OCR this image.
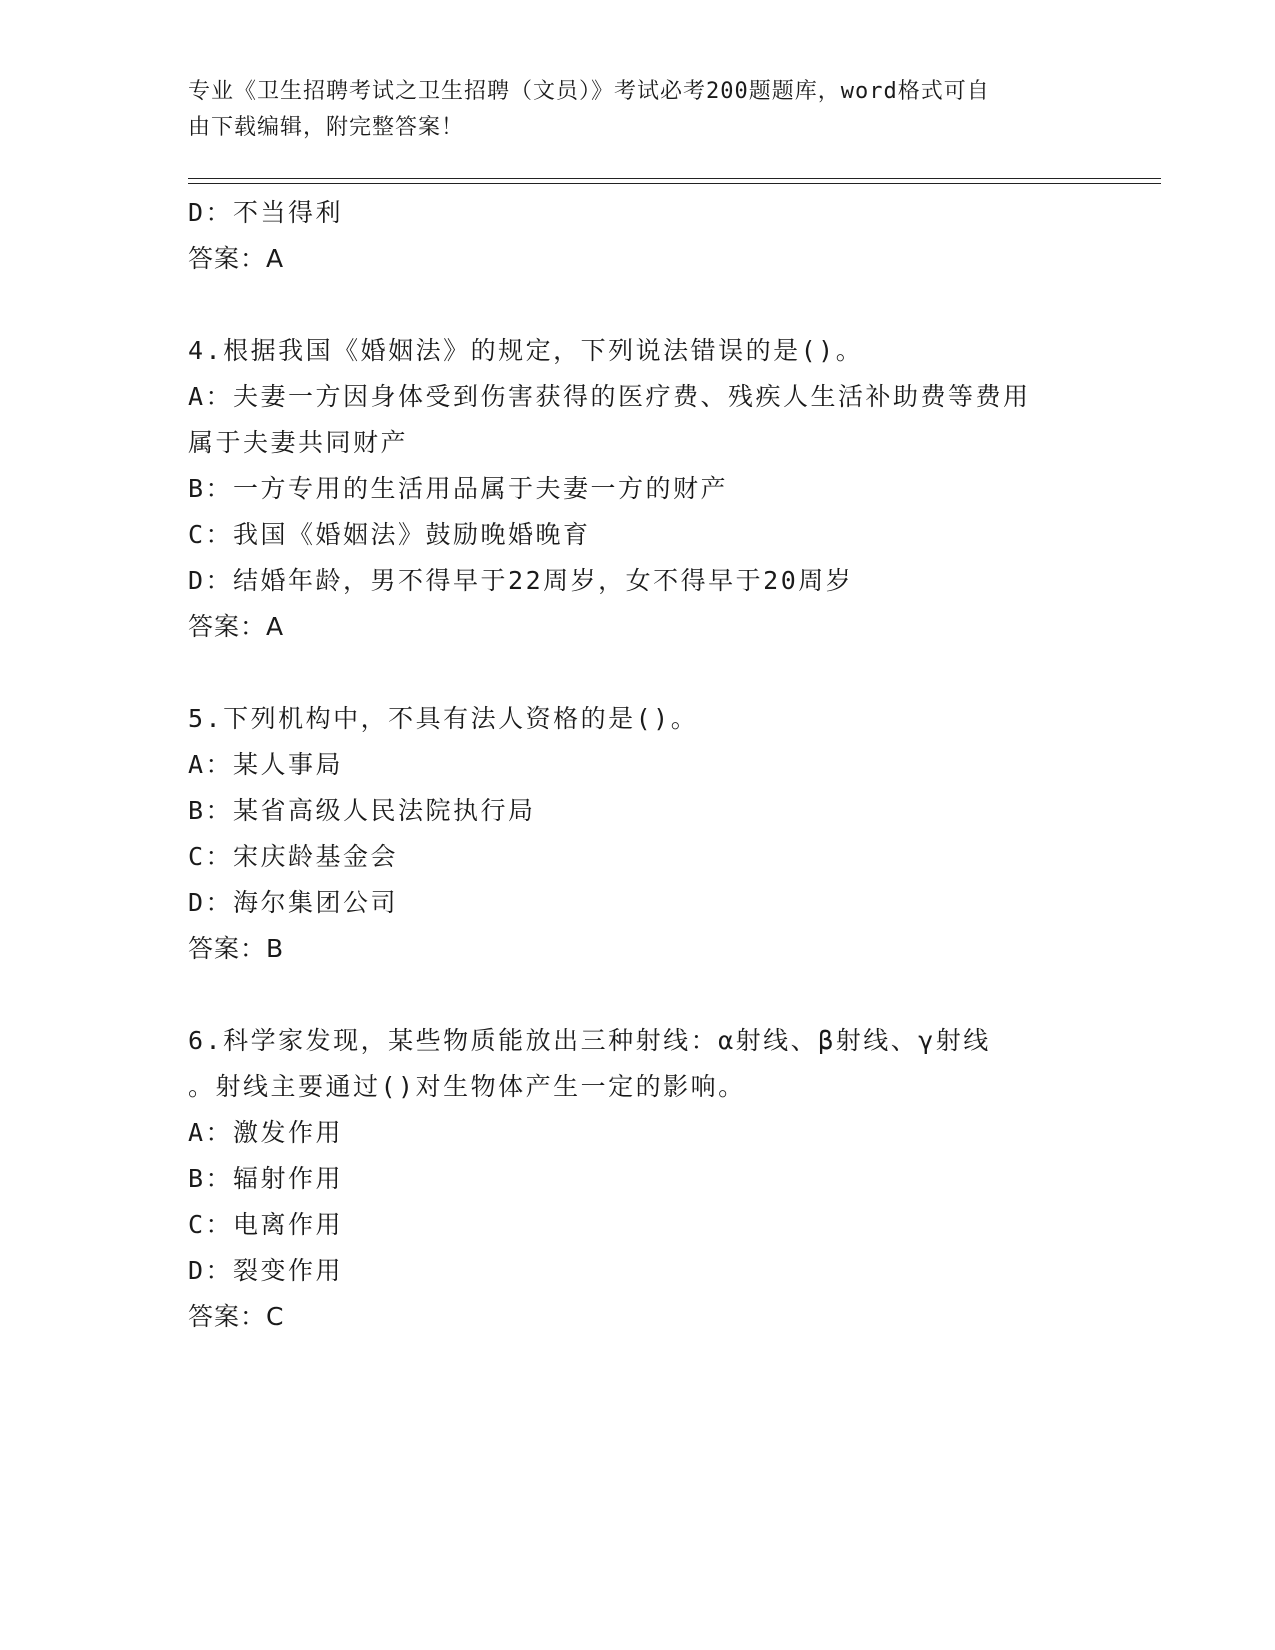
专业《卫生招聘考试之卫生招聘（文员）》考试必考200题题库，word格式可自
由下载编辑，附完整答案！
D：不当得利
答案：A
4.根据我国《婚姻法》的规定，下列说法错误的是()。
A：夫妻一方因身体受到伤害获得的医疗费、残疾人生活补助费等费用
属于夫妻共同财产
B：一方专用的生活用品属于夫妻一方的财产
C：我国《婚姻法》鼓励晚婚晚育
D：结婚年龄，男不得早于22周岁，女不得早于20周岁
答案：A
5.下列机构中，不具有法人资格的是()。
A：某人事局
B：某省高级人民法院执行局
C：宋庆龄基金会
D：海尔集团公司
答案：B
6.科学家发现，某些物质能放出三种射线：α射线、β射线、γ射线
。射线主要通过()对生物体产生一定的影响。
A：激发作用
B：辐射作用
C：电离作用
D：裂变作用
答案：C
